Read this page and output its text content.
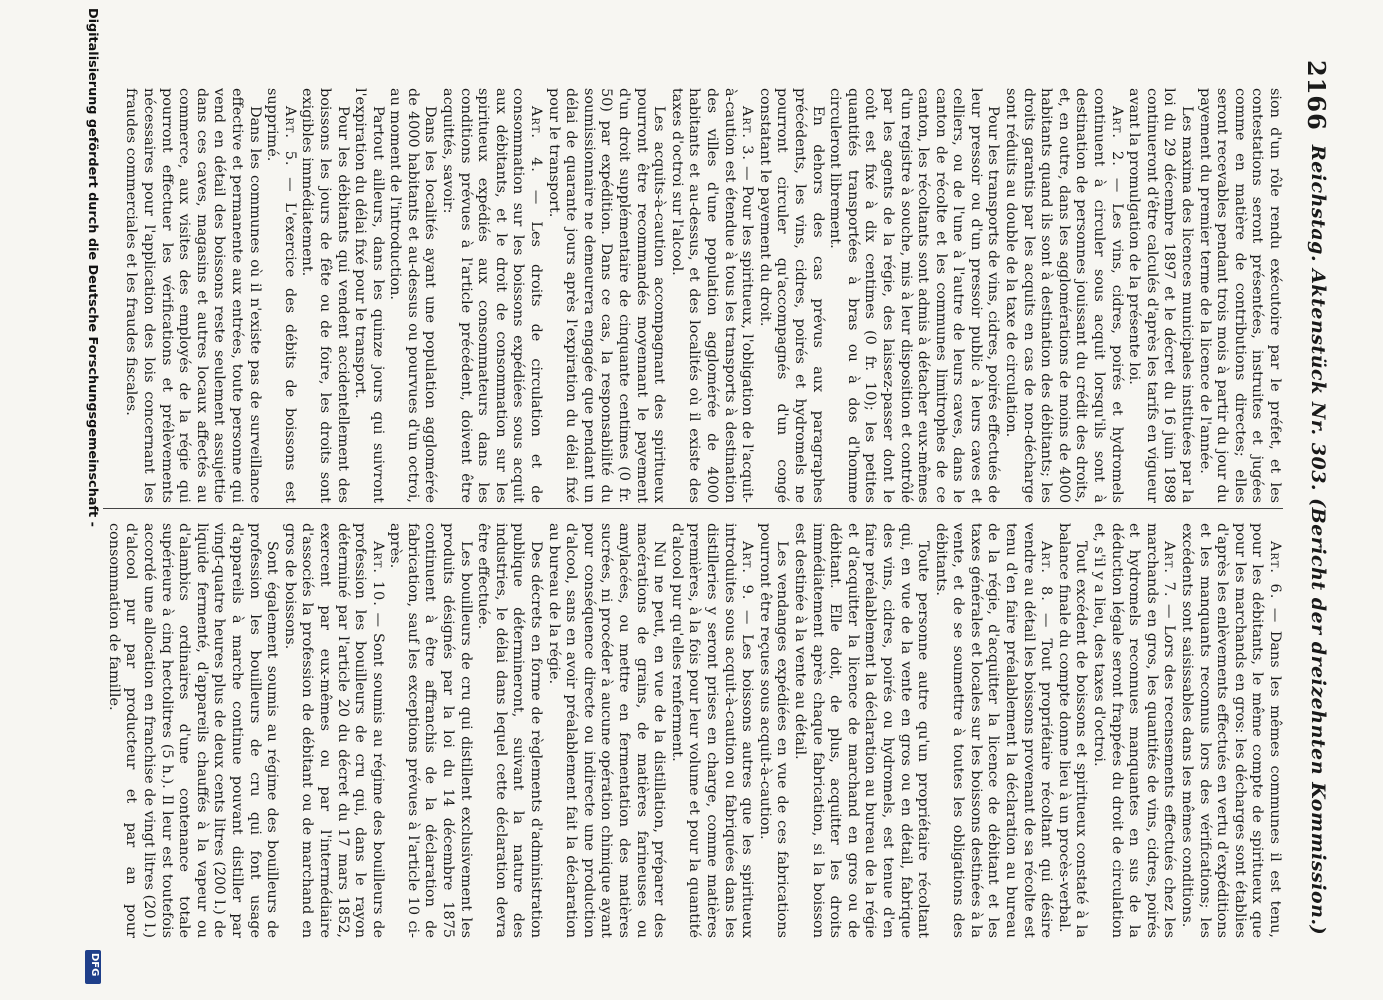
2166
Reichstag. Aktenstück Nr. 303. (Bericht der dreizehnten Kommission.)

sion d'un rôle rendu exécutoire par le préfet, et les contestations seront présentées, instruites et jugées comme en matière de contributions directes; elles seront recevables pendant trois mois à partir du jour du payement du premier terme de la licence de l'année.

Les maxima des licences municipales instituées par la loi du 29 décembre 1897 et le décret du 16 juin 1898 continueront d'être calculés d'après les tarifs en vigueur avant la promulgation de la présente loi.

Art. 2. — Les vins, cidres, poirés et hydromels continuent à circuler sous acquit lorsqu'ils sont à destination de personnes jouissant du crédit des droits, et, en outre, dans les agglomérations de moins de 4000 habitants quand ils sont à destination des débitants; les droits garantis par les acquits en cas de non-décharge sont réduits au double de la taxe de circulation.

Pour les transports de vins, cidres, poirés effectués de leur pressoir ou d'un pressoir public à leurs caves et celliers, ou de l'une à l'autre de leurs caves, dans le canton de récolte et les communes limitrophes de ce canton, les récoltants sont admis à détacher eux-mêmes d'un registre à souche, mis à leur disposition et contrôlé par les agents de la régie, des laissez-passer dont le coût est fixé à dix centimes (0 fr. 10); les petites quantités transportées à bras ou à dos d'homme circuleront librement.

En dehors des cas prévus aux paragraphes précédents, les vins, cidres, poirés et hydromels ne pourront circuler qu'accompagnés d'un congé constatant le payement du droit.

Art. 3. — Pour les spiritueux, l'obligation de l'acquit-à-caution est étendue à tous les transports à destination des villes d'une population agglomérée de 4000 habitants et au-dessus, et des localités où il existe des taxes d'octroi sur l'alcool.

Les acquits-à-caution accompagnant des spiritueux pourront être recommandés moyennant le payement d'un droit supplémentaire de cinquante centimes (0 fr. 50) par expédition. Dans ce cas, la responsabilité du soumissionnaire ne demeurera engagée que pendant un délai de quarante jours après l'expiration du délai fixé pour le transport.

Art. 4. — Les droits de circulation et de consommation sur les boissons expédiées sous acquit aux débitants, et le droit de consommation sur les spiritueux expédiés aux consommateurs dans les conditions prévues à l'article précédent, doivent être acquittés, savoir:

Dans les localités ayant une population agglomérée de 4000 habitants et au-dessus ou pourvues d'un octroi, au moment de l'introduction.

Partout ailleurs, dans les quinze jours qui suivront l'expiration du délai fixé pour le transport.

Pour les débitants qui vendent accidentellement des boissons les jours de fête ou de foire, les droits sont exigibles immédiatement.

Art. 5. — L'exercice des débits de boissons est supprimé.

Dans les communes où il n'existe pas de surveillance effective et permanente aux entrées, toute personne qui vend en détail des boissons reste seulement assujettie dans ces caves, magasins et autres locaux affectés au commerce, aux visites des employés de la régie qui pourront effectuer les vérifications et prélèvements nécessaires pour l'application des lois concernant les fraudes commerciales et les fraudes fiscales.

Art. 6. — Dans les mêmes communes il est tenu, pour les débitants, le même compte de spiritueux que pour les marchands en gros: les décharges sont établies d'après les enlèvements effectués en vertu d'expéditions et les manquants reconnus lors des vérifications; les excédents sont saisissables dans les mêmes conditions.

Art. 7. — Lors des recensements effectués chez les marchands en gros, les quantités de vins, cidres, poirés et hydromels reconnues manquantes en sus de la déduction légale seront frappées du droit de circulation et, s'il y a lieu, des taxes d'octroi.

Tout excédent de boissons et spiritueux constaté à la balance finale du compte donne lieu à un procès-verbal.

Art. 8. — Tout propriétaire récoltant qui désire vendre au détail les boissons provenant de sa récolte est tenu d'en faire préalablement la déclaration au bureau de la régie, d'acquitter la licence de débitant et les taxes générales et locales sur les boissons destinées à la vente, et de se soumettre à toutes les obligations des débitants.

Toute personne autre qu'un propriétaire récoltant qui, en vue de la vente en gros ou en détail, fabrique des vins, cidres, poirés ou hydromels, est tenue d'en faire préalablement la déclaration au bureau de la régie et d'acquitter la licence de marchand en gros ou de débitant. Elle doit, de plus, acquitter les droits immédiatement après chaque fabrication, si la boisson est destinée à la vente au détail.

Les vendanges expédiées en vue de ces fabrications pourront être reçues sous acquit-à-caution.

Art. 9. — Les boissons autres que les spiritueux introduites sous acquit-à-caution ou fabriquées dans les distilleries y seront prises en charge, comme matières premières, à la fois pour leur volume et pour la quantité d'alcool pur qu'elles renferment.

Nul ne peut, en vue de la distillation, préparer des macérations de grains, de matières farineuses ou amylacées, ou mettre en fermentation des matières sucrées, ni procéder à aucune opération chimique ayant pour conséquence directe ou indirecte une production d'alcool, sans en avoir préalablement fait la déclaration au bureau de la régie.

Des décrets en forme de règlements d'administration publique détermineront, suivant la nature des industries, le délai dans lequel cette déclaration devra être effectuée.

Les bouilleurs de cru qui distillent exclusivement les produits désignés par la loi du 14 décembre 1875 continuent à être affranchis de la déclaration de fabrication, sauf les exceptions prévues à l'article 10 ci-après.

Art. 10. — Sont soumis au régime des bouilleurs de profession les bouilleurs de cru qui, dans le rayon déterminé par l'article 20 du décret du 17 mars 1852, exercent par eux-mêmes ou par l'intermédiaire d'associés la profession de débitant ou de marchand en gros de boissons.

Sont également soumis au régime des bouilleurs de profession les bouilleurs de cru qui font usage d'appareils à marche continue pouvant distiller par vingt-quatre heures plus de deux cents litres (200 l.) de liquide fermenté, d'appareils chauffés à la vapeur ou d'alambics ordinaires d'une contenance totale supérieure à cinq hectolitres (5 h.). Il leur est toutefois accordé une allocation en franchise de vingt litres (20 l.) d'alcool pur par producteur et par an pour consommation de famille.

Digitalisierung gefördert durch die Deutsche Forschungsgemeinschaft -
DFG
